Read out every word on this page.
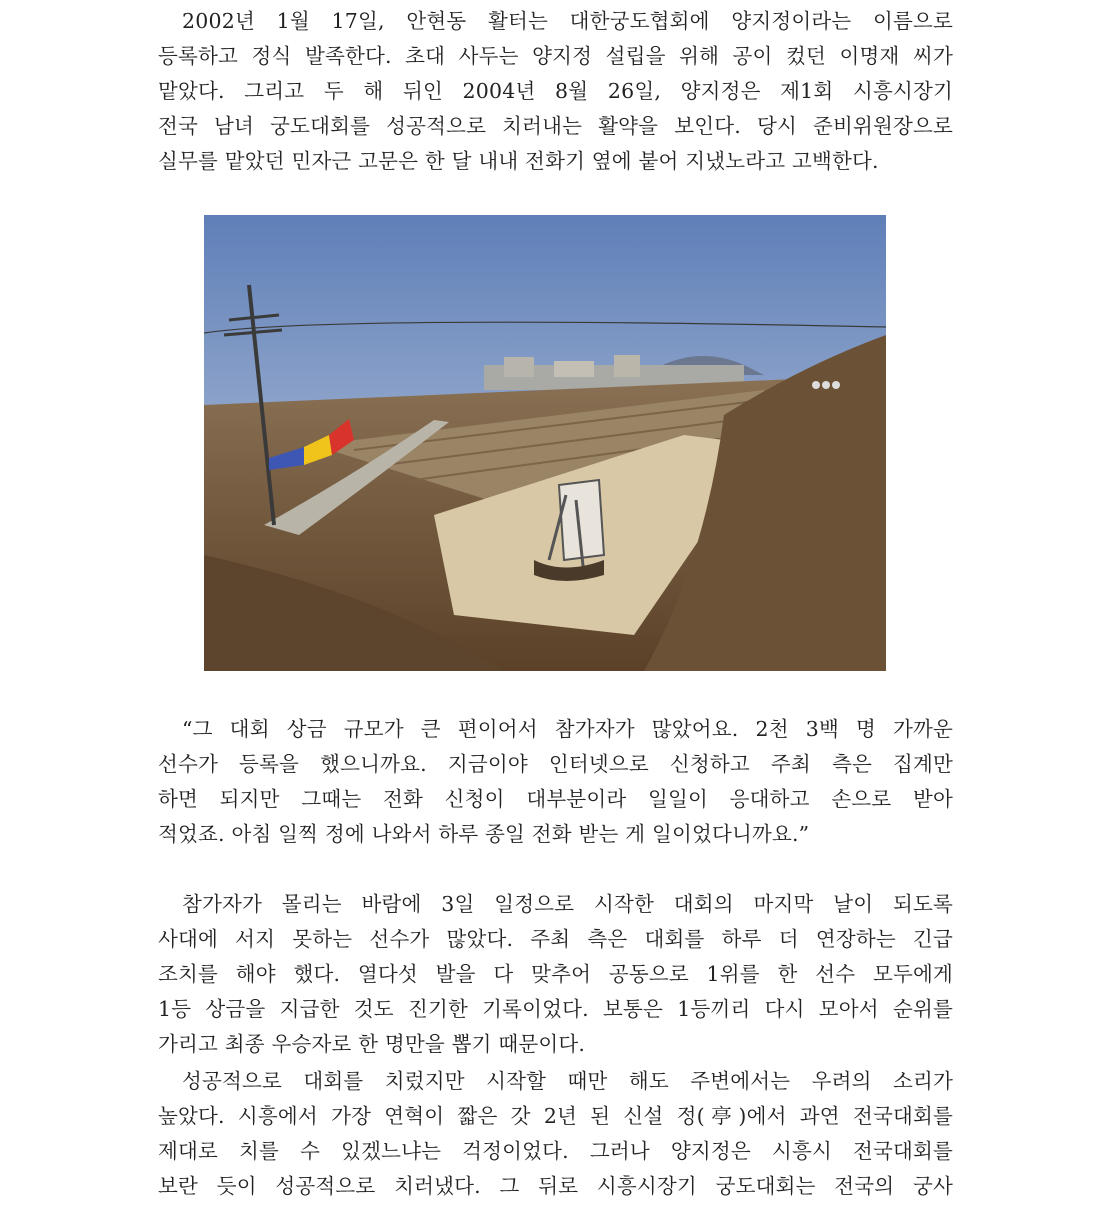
2002년 1월 17일, 안현동 활터는 대한궁도협회에 양지정이라는 이름으로
등록하고 정식 발족한다. 초대 사두는 양지정 설립을 위해 공이 컸던 이명재 씨가
맡았다. 그리고 두 해 뒤인 2004년 8월 26일, 양지정은 제1회 시흥시장기
전국 남녀 궁도대회를 성공적으로 치러내는 활약을 보인다. 당시 준비위원장으로
실무를 맡았던 민자근 고문은 한 달 내내 전화기 옆에 붙어 지냈노라고 고백한다.
“그 대회 상금 규모가 큰 편이어서 참가자가 많았어요. 2천 3백 명 가까운
선수가 등록을 했으니까요. 지금이야 인터넷으로 신청하고 주최 측은 집계만
하면 되지만 그때는 전화 신청이 대부분이라 일일이 응대하고 손으로 받아
적었죠. 아침 일찍 정에 나와서 하루 종일 전화 받는 게 일이었다니까요.”
참가자가 몰리는 바람에 3일 일정으로 시작한 대회의 마지막 날이 되도록
사대에 서지 못하는 선수가 많았다. 주최 측은 대회를 하루 더 연장하는 긴급
조치를 해야 했다. 열다섯 발을 다 맞추어 공동으로 1위를 한 선수 모두에게
1등 상금을 지급한 것도 진기한 기록이었다. 보통은 1등끼리 다시 모아서 순위를
가리고 최종 우승자로 한 명만을 뽑기 때문이다.
성공적으로 대회를 치렀지만 시작할 때만 해도 주변에서는 우려의 소리가
높았다. 시흥에서 가장 연혁이 짧은 갓 2년 된 신설 정(亭)에서 과연 전국대회를
제대로 치를 수 있겠느냐는 걱정이었다. 그러나 양지정은 시흥시 전국대회를
보란 듯이 성공적으로 치러냈다. 그 뒤로 시흥시장기 궁도대회는 전국의 궁사
